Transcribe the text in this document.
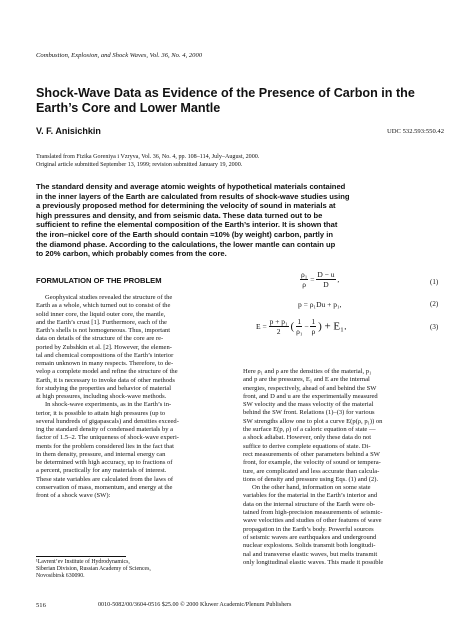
Combustion, Explosion, and Shock Waves, Vol. 36, No. 4, 2000
Shock-Wave Data as Evidence of the Presence of Carbon in the
Earth’s Core and Lower Mantle
V. F. Anisichkin	UDC 532.593:550.42
Translated from Fizika Goreniya i Vzryva, Vol. 36, No. 4, pp. 108–114, July–August, 2000.
Original article submitted September 13, 1999; revision submitted January 19, 2000.
The standard density and average atomic weights of hypothetical materials contained
in the inner layers of the Earth are calculated from results of shock-wave studies using
a previously proposed method for determining the velocity of sound in materials at
high pressures and density, and from seismic data. These data turned out to be
sufficient to refine the elemental composition of the Earth’s interior. It is shown that
the iron–nickel core of the Earth should contain ≈10% (by weight) carbon, partly in
the diamond phase. According to the calculations, the lower mantle can contain up
to 20% carbon, which probably comes from the core.
FORMULATION OF THE PROBLEM
Geophysical studies revealed the structure of the
Earth as a whole, which turned out to consist of the
solid inner core, the liquid outer core, the mantle,
and the Earth’s crust [1]. Furthermore, each of the
Earth’s shells is not homogeneous. Thus, important
data on details of the structure of the core are re-
ported by Zubshkin et al. [2]. However, the elemen-
tal and chemical compositions of the Earth’s interior
remain unknown in many respects. Therefore, to de-
velop a complete model and refine the structure of the
Earth, it is necessary to invoke data of other methods
for studying the properties and behavior of material
at high pressures, including shock-wave methods.
In shock-wave experiments, as in the Earth’s in-
terior, it is possible to attain high pressures (up to
several hundreds of gigapascals) and densities exceed-
ing the standard density of condensed materials by a
factor of 1.5–2. The uniqueness of shock-wave experi-
ments for the problem considered lies in the fact that
in them density, pressure, and internal energy can
be determined with high accuracy, up to fractions of
a percent, practically for any materials of interest.
These state variables are calculated from the laws of
conservation of mass, momentum, and energy at the
front of a shock wave (SW):
$\frac{\text{ρ₁}}{\rho} = \frac{D - u}{D}$ ,	(1)
p = ρ₁Du + p₁,	(2)
$E = \frac{\text{p + p₁}}{2}$ ( $\frac{1}{\text{ρ₁}} - \frac{1}{\rho}$ ) + E₁.	(3)
Here ρ₁ and ρ are the densities of the material, p₁
and p are the pressures, E₁ and E are the internal
energies, respectively, ahead of and behind the SW
front, and D and u are the experimentally measured
SW velocity and the mass velocity of the material
behind the SW front. Relations (1)–(3) for various
SW strengths allow one to plot a curve E(p(ρ, p₁)) on
the surface E(p, ρ) of a caloric equation of state —
a shock adiabat. However, only these data do not
suffice to derive complete equations of state. Di-
rect measurements of other parameters behind a SW
front, for example, the velocity of sound or tempera-
ture, are complicated and less accurate than calcula-
tions of density and pressure using Eqs. (1) and (2).
On the other hand, information on some state
variables for the material in the Earth’s interior and
data on the internal structure of the Earth were ob-
tained from high-precision measurements of seismic-
wave velocities and studies of other features of wave
propagation in the Earth’s body. Powerful sources
of seismic waves are earthquakes and underground
nuclear explosions. Solids transmit both longitudi-
nal and transverse elastic waves, but melts transmit
only longitudinal elastic waves. This made it possible
¹Lavrent’ev Institute of Hydrodynamics,
Siberian Division, Russian Academy of Sciences,
Novosibirsk 630090.
516	0010-5082/00/3604-0516 $25.00 © 2000 Kluwer Academic/Plenum Publishers
